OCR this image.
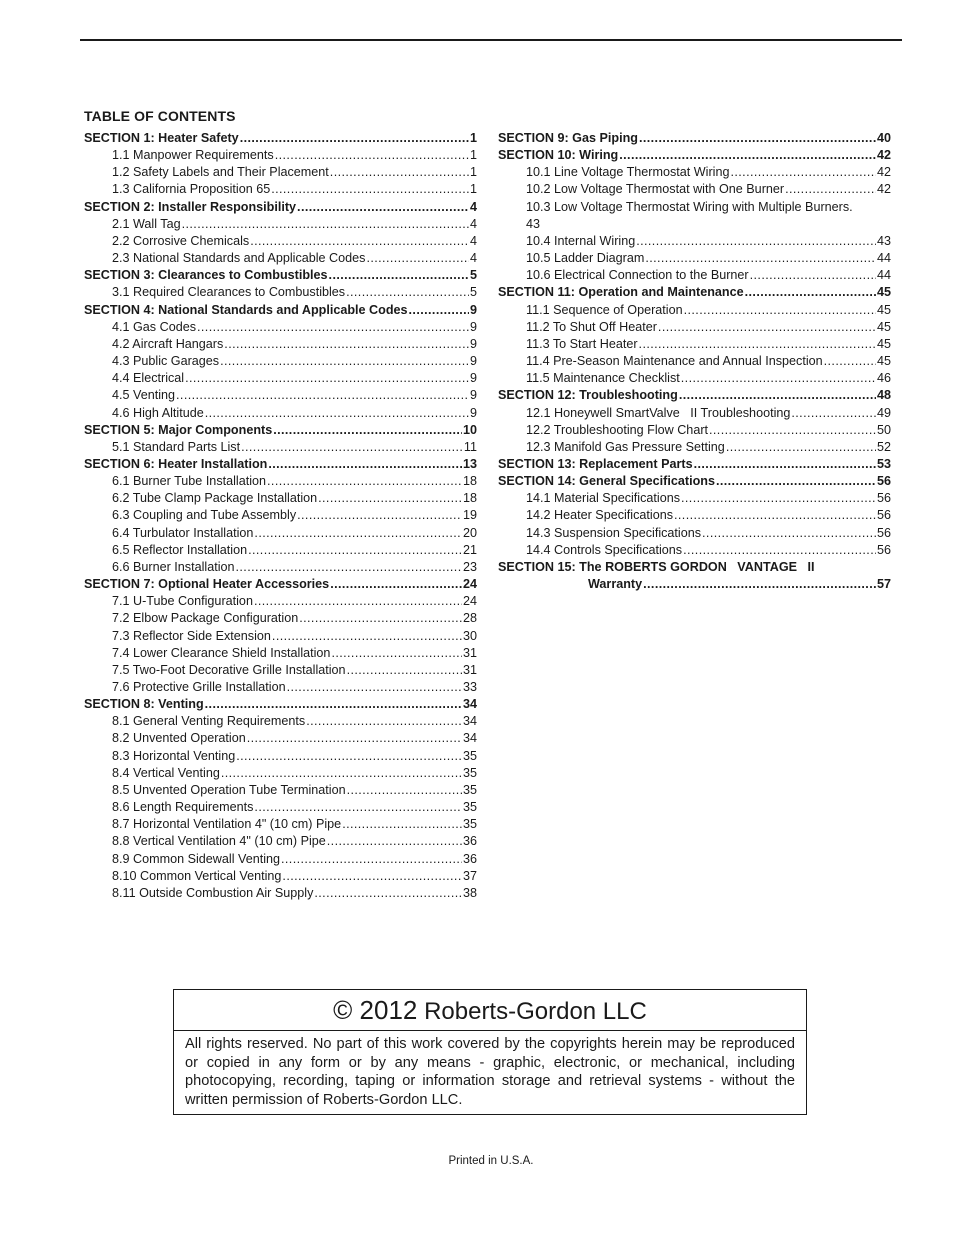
TABLE OF CONTENTS
SECTION 1: Heater Safety . . .	1
1.1 Manpower Requirements . . .	1
1.2 Safety Labels and Their Placement . . .	1
1.3 California Proposition 65 . . .	1
SECTION 2: Installer Responsibility . . .	4
2.1 Wall Tag . . .	4
2.2 Corrosive Chemicals . . .	4
2.3 National Standards and Applicable Codes . . .	4
SECTION 3: Clearances to Combustibles . . .	5
3.1 Required Clearances to Combustibles . . .	5
SECTION 4: National Standards and Applicable Codes . . .	9
4.1 Gas Codes . . .	9
4.2 Aircraft Hangars . . .	9
4.3 Public Garages . . .	9
4.4 Electrical . . .	9
4.5 Venting . . .	9
4.6 High Altitude . . .	9
SECTION 5: Major Components . . .	10
5.1 Standard Parts List . . .	11
SECTION 6: Heater Installation . . .	13
6.1 Burner Tube Installation . . .	18
6.2 Tube Clamp Package Installation . . .	18
6.3 Coupling and Tube Assembly . . .	19
6.4 Turbulator Installation . . .	20
6.5 Reflector Installation . . .	21
6.6 Burner Installation . . .	23
SECTION 7: Optional Heater Accessories . . .	24
7.1 U-Tube Configuration . . .	24
7.2 Elbow Package Configuration . . .	28
7.3 Reflector Side Extension . . .	30
7.4 Lower Clearance Shield Installation . . .	31
7.5 Two-Foot Decorative Grille Installation . . .	31
7.6 Protective Grille Installation . . .	33
SECTION 8: Venting . . .	34
8.1 General Venting Requirements . . .	34
8.2 Unvented Operation . . .	34
8.3 Horizontal Venting . . .	35
8.4 Vertical Venting . . .	35
8.5 Unvented Operation Tube Termination . . .	35
8.6 Length Requirements . . .	35
8.7 Horizontal Ventilation 4" (10 cm) Pipe . . .	35
8.8 Vertical Ventilation 4" (10 cm) Pipe . . .	36
8.9 Common Sidewall Venting . . .	36
8.10 Common Vertical Venting . . .	37
8.11 Outside Combustion Air Supply . . .	38
SECTION 9: Gas Piping . . .	40
SECTION 10: Wiring . . .	42
10.1 Line Voltage Thermostat Wiring . . .	42
10.2 Low Voltage Thermostat with One Burner . . .	42
10.3 Low Voltage Thermostat Wiring with Multiple Burners.
43
10.4 Internal Wiring . . .	43
10.5 Ladder Diagram . . .	44
10.6 Electrical Connection to the Burner . . .	44
SECTION 11: Operation and Maintenance . . .	45
11.1 Sequence of Operation . . .	45
11.2 To Shut Off Heater . . .	45
11.3 To Start Heater . . .	45
11.4 Pre-Season Maintenance and Annual Inspection . . .	45
11.5 Maintenance Checklist . . .	46
SECTION 12: Troubleshooting . . .	48
12.1 Honeywell SmartValve   II Troubleshooting . . .	49
12.2 Troubleshooting Flow Chart . . .	50
12.3 Manifold Gas Pressure Setting . . .	52
SECTION 13: Replacement Parts . . .	53
SECTION 14: General Specifications . . .	56
14.1 Material Specifications . . .	56
14.2 Heater Specifications . . .	56
14.3 Suspension Specifications . . .	56
14.4 Controls Specifications . . .	56
SECTION 15: The ROBERTS GORDON   VANTAGE   II
Warranty . . .	57
© 2012 Roberts-Gordon LLC
All rights reserved. No part of this work covered by the copyrights herein may be reproduced or copied in any form or by any means - graphic, electronic, or mechanical, including photocopying, recording, taping or information storage and retrieval systems - without the written permission of Roberts-Gordon LLC.
Printed in U.S.A.
